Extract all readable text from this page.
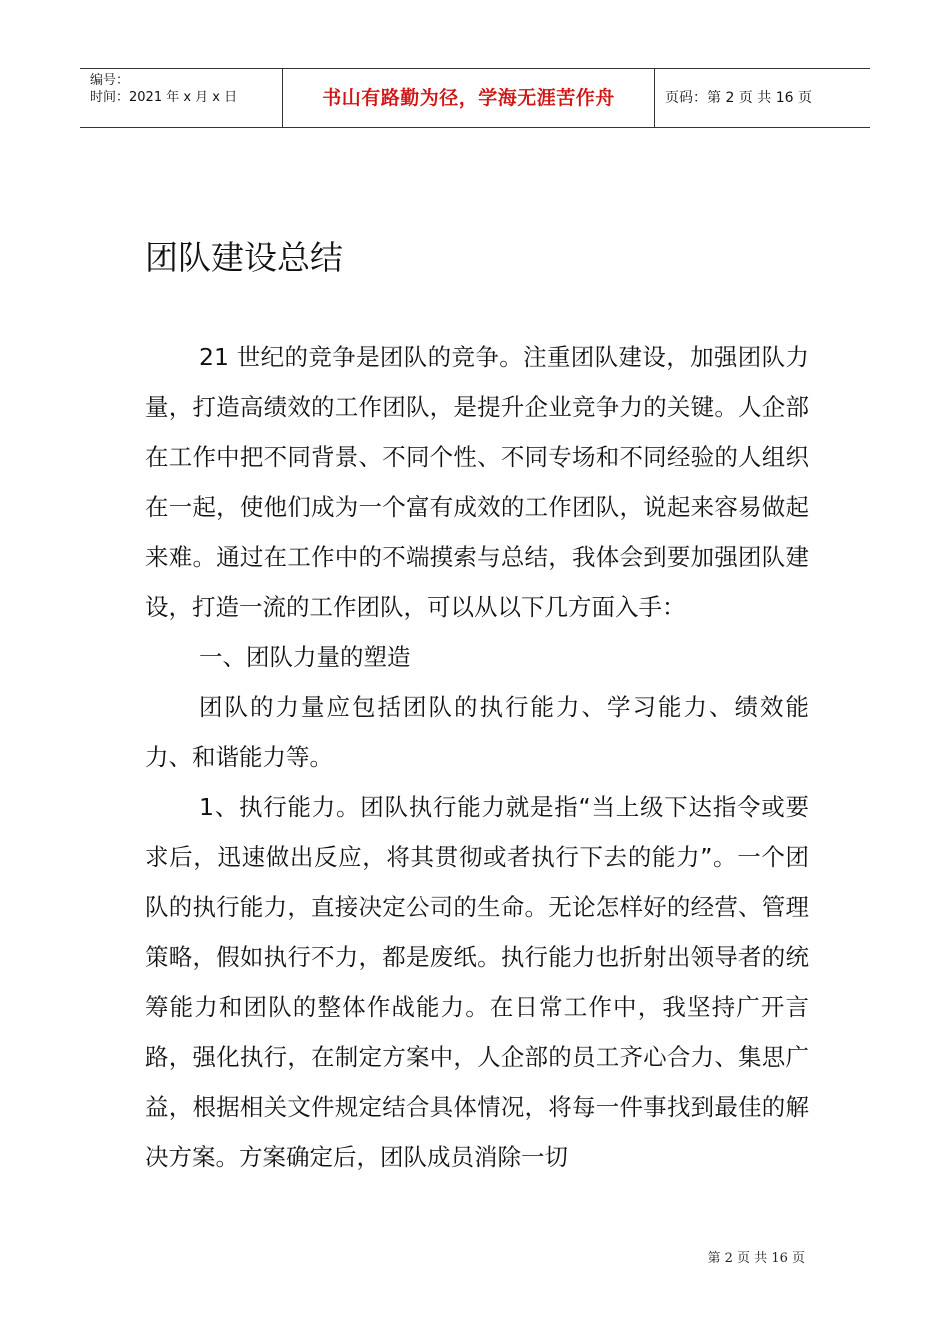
编号：
时间：2021 年 x 月 x 日	书山有路勤为径，学海无涯苦作舟	页码：第 2 页 共 16 页
团队建设总结

21 世纪的竞争是团队的竞争。注重团队建设，加强团队力量，打造高绩效的工作团队，是提升企业竞争力的关键。人企部在工作中把不同背景、不同个性、不同专场和不同经验的人组织在一起，使他们成为一个富有成效的工作团队，说起来容易做起来难。通过在工作中的不端摸索与总结，我体会到要加强团队建设，打造一流的工作团队，可以从以下几方面入手：

一、团队力量的塑造

团队的力量应包括团队的执行能力、学习能力、绩效能力、和谐能力等。

1、执行能力。团队执行能力就是指“当上级下达指令或要求后，迅速做出反应，将其贯彻或者执行下去的能力”。一个团队的执行能力，直接决定公司的生命。无论怎样好的经营、管理策略，假如执行不力，都是废纸。执行能力也折射出领导者的统筹能力和团队的整体作战能力。在日常工作中，我坚持广开言路，强化执行，在制定方案中，人企部的员工齐心合力、集思广益，根据相关文件规定结合具体情况，将每一件事找到最佳的解决方案。方案确定后，团队成员消除一切

第 2 页 共 16 页
